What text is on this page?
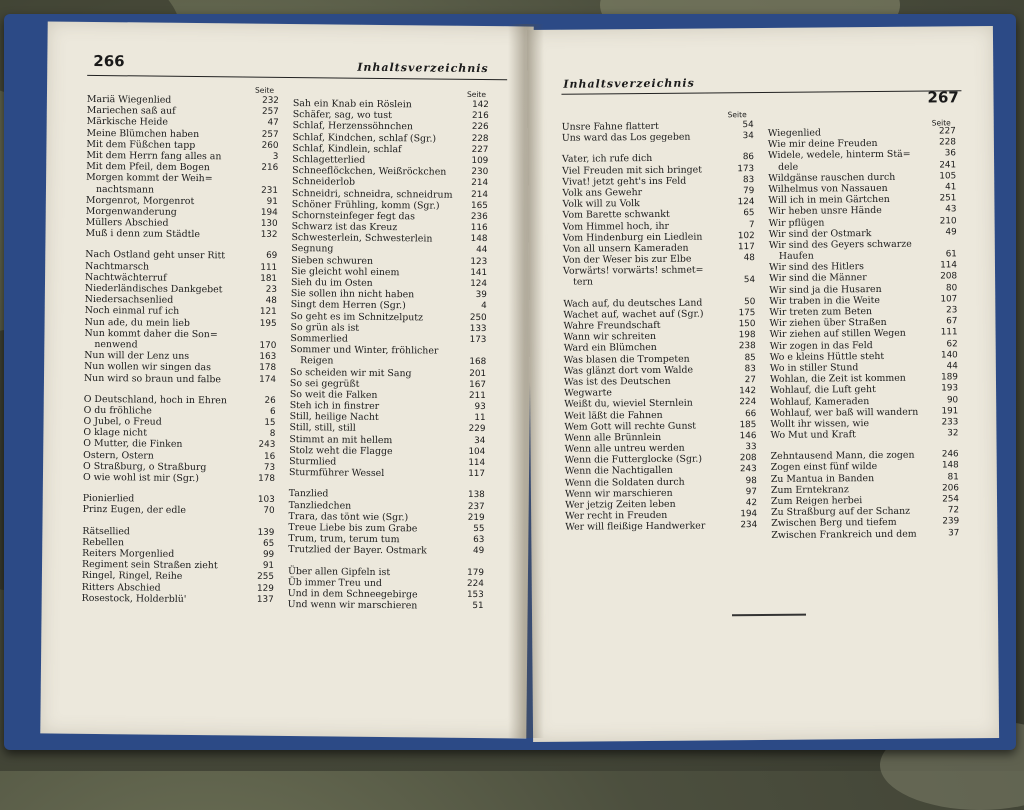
266	Inhaltsverzeichnis
Seite	Seite
Mariä Wiegenlied	232
Mariechen saß auf	257
Märkische Heide	47
Meine Blümchen haben	257
Mit dem Füßchen tapp	260
Mit dem Herrn fang alles an	3
Mit dem Pfeil, dem Bogen	216
Morgen kommt der Weih=
nachtsmann	231
Morgenrot, Morgenrot	91
Morgenwanderung	194
Müllers Abschied	130
Muß i denn zum Städtle	132
Nach Ostland geht unser Ritt	69
Nachtmarsch	111
Nachtwächterruf	181
Niederländisches Dankgebet	23
Niedersachsenlied	48
Noch einmal ruf ich	121
Nun ade, du mein lieb	195
Nun kommt daher die Son=
nenwend	170
Nun will der Lenz uns	163
Nun wollen wir singen das	178
Nun wird so braun und falbe	174
O Deutschland, hoch in Ehren	26
O du fröhliche	6
O Jubel, o Freud	15
O klage nicht	8
O Mutter, die Finken	243
Ostern, Ostern	16
O Straßburg, o Straßburg	73
O wie wohl ist mir (Sgr.)	178
Pionierlied	103
Prinz Eugen, der edle	70
Rätsellied	139
Rebellen	65
Reiters Morgenlied	99
Regiment sein Straßen zieht	91
Ringel, Ringel, Reihe	255
Ritters Abschied	129
Rosestock, Holderblü'	137
Sah ein Knab ein Röslein	142
Schäfer, sag, wo tust	216
Schlaf, Herzenssöhnchen	226
Schlaf, Kindchen, schlaf (Sgr.)	228
Schlaf, Kindlein, schlaf	227
Schlagetterlied	109
Schneeflöckchen, Weißröckchen	230
Schneiderlob	214
Schneidri, schneidra, schneidrum 214
Schöner Frühling, komm (Sgr.)	165
Schornsteinfeger fegt das	236
Schwarz ist das Kreuz	116
Schwesterlein, Schwesterlein	148
Segnung	44
Sieben schwuren	123
Sie gleicht wohl einem	141
Sieh du im Osten	124
Sie sollen ihn nicht haben	39
Singt dem Herren (Sgr.)	4
So geht es im Schnitzelputz	250
So grün als ist	133
Sommerlied	173
Sommer und Winter, fröhlicher
Reigen	168
So scheiden wir mit Sang	201
So sei gegrüßt	167
So weit die Falken	211
Steh ich in finstrer	93
Still, heilige Nacht	11
Still, still, still	229
Stimmt an mit hellem	34
Stolz weht die Flagge	104
Sturmlied	114
Sturmführer Wessel	117
Tanzlied	138
Tanzliedchen	237
Trara, das tönt wie (Sgr.)	219
Treue Liebe bis zum Grabe	55
Trum, trum, terum tum	63
Trutzlied der Bayer. Ostmark	49
Über allen Gipfeln ist	179
Üb immer Treu und	224
Und in dem Schneegebirge	153
Und wenn wir marschieren	51
Inhaltsverzeichnis
267
Seite
Seite
Unsre Fahne flattert	54
Uns ward das Los gegeben	34
Vater, ich rufe dich	86
Viel Freuden mit sich bringet	173
Vivat! jetzt geht's ins Feld	83
Volk ans Gewehr	79
Volk will zu Volk	124
Vom Barette schwankt	65
Vom Himmel hoch, ihr	7
Vom Hindenburg ein Liedlein	102
Von all unsern Kameraden	117
Von der Weser bis zur Elbe	48
Vorwärts! vorwärts! schmet=
tern	54
Wach auf, du deutsches Land	50
Wachet auf, wachet auf (Sgr.)	175
Wahre Freundschaft	150
Wann wir schreiten	198
Ward ein Blümchen	238
Was blasen die Trompeten	85
Was glänzt dort vom Walde	83
Was ist des Deutschen	27
Wegwarte	142
Weißt du, wieviel Sternlein	224
Weit läßt die Fahnen	66
Wem Gott will rechte Gunst	185
Wenn alle Brünnlein	146
Wenn alle untreu werden	33
Wenn die Futterglocke (Sgr.)	208
Wenn die Nachtigallen	243
Wenn die Soldaten durch	98
Wenn wir marschieren	97
Wer jetzig Zeiten leben	42
Wer recht in Freuden	194
Wer will fleißige Handwerker	234
Wiegenlied	227
Wie mir deine Freuden	228
Widele, wedele, hinterm Stä=	36
dele	241
Wildgänse rauschen durch	105
Wilhelmus von Nassauen	41
Will ich in mein Gärtchen	251
Wir heben unsre Hände	43
Wir pflügen	210
Wir sind der Ostmark	49
Wir sind des Geyers schwarze
Haufen	61
Wir sind des Hitlers	114
Wir sind die Männer	208
Wir sind ja die Husaren	80
Wir traben in die Weite	107
Wir treten zum Beten	23
Wir ziehen über Straßen	67
Wir ziehen auf stillen Wegen	111
Wir zogen in das Feld	62
Wo e kleins Hüttle steht	140
Wo in stiller Stund	44
Wohlan, die Zeit ist kommen	189
Wohlauf, die Luft geht	193
Wohlauf, Kameraden	90
Wohlauf, wer baß will wandern	191
Wollt ihr wissen, wie	233
Wo Mut und Kraft	32
Zehntausend Mann, die zogen	246
Zogen einst fünf wilde	148
Zu Mantua in Banden	81
Zum Erntekranz	206
Zum Reigen herbei	254
Zu Straßburg auf der Schanz	72
Zwischen Berg und tiefem	239
Zwischen Frankreich und dem	37
